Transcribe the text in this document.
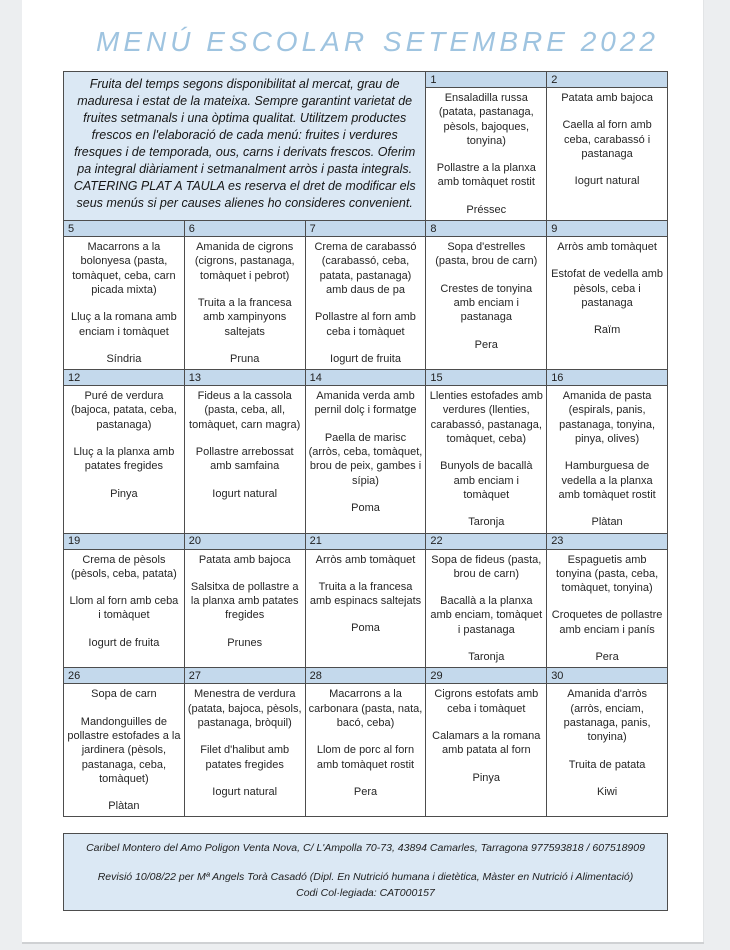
MENÚ ESCOLAR SETEMBRE 2022
Fruita del temps segons disponibilitat al mercat, grau de maduresa i estat de la mateixa. Sempre garantint varietat de fruites setmanals i una òptima qualitat. Utilitzem productes frescos en l'elaboració de cada menú: fruites i verdures fresques i de temporada, ous, carns i derivats frescos. Oferim pa integral diàriament i setmanalment arròs i pasta integrals. CATERING PLAT A TAULA es reserva el dret de modificar els seus menús si per causes alienes ho consideres convenient.			1	2

Ensaladilla russa (patata, pastanaga, pèsols, bajoques, tonyina)
Pollastre a la planxa amb tomàquet rostit
Préssec

Patata amb bajoca
Caella al forn amb ceba, carabassó i pastanaga
Iogurt natural

5	6	7	8	9

Macarrons a la bolonyesa (pasta, tomàquet, ceba, carn picada mixta)
Lluç a la romana amb enciam i tomàquet
Síndria

Amanida de cigrons (cigrons, pastanaga, tomàquet i pebrot)
Truita a la francesa amb xampinyons saltejats
Pruna

Crema de carabassó (carabassó, ceba, patata, pastanaga) amb daus de pa
Pollastre al forn amb ceba i tomàquet
Iogurt de fruita

Sopa d'estrelles (pasta, brou de carn)
Crestes de tonyina amb enciam i pastanaga
Pera

Arròs amb tomàquet
Estofat de vedella amb pèsols, ceba i pastanaga
Raïm

12	13	14	15	16

Puré de verdura (bajoca, patata, ceba, pastanaga)
Lluç a la planxa amb patates fregides
Pinya

Fideus a la cassola (pasta, ceba, all, tomàquet, carn magra)
Pollastre arrebossat amb samfaina
Iogurt natural

Amanida verda amb pernil dolç i formatge
Paella de marisc (arròs, ceba, tomàquet, brou de peix, gambes i sípia)
Poma

Llenties estofades amb verdures (llenties, carabassó, pastanaga, tomàquet, ceba)
Bunyols de bacallà amb enciam i tomàquet
Taronja

Amanida de pasta (espirals, panis, pastanaga, tonyina, pinya, olives)
Hamburguesa de vedella a la planxa amb tomàquet rostit
Plàtan

19	20	21	22	23

Crema de pèsols (pèsols, ceba, patata)
Llom al forn amb ceba i tomàquet
Iogurt de fruita

Patata amb bajoca
Salsitxa de pollastre a la planxa amb patates fregides
Prunes

Arròs amb tomàquet
Truita a la francesa amb espinacs saltejats
Poma

Sopa de fideus (pasta, brou de carn)
Bacallà a la planxa amb enciam, tomàquet i pastanaga
Taronja

Espaguetis amb tonyina (pasta, ceba, tomàquet, tonyina)
Croquetes de pollastre amb enciam i panís
Pera

26	27	28	29	30

Sopa de carn
Mandonguilles de pollastre estofades a la jardinera (pèsols, pastanaga, ceba, tomàquet)
Plàtan

Menestra de verdura (patata, bajoca, pèsols, pastanaga, bròquil)
Filet d'halibut amb patates fregides
Iogurt natural

Macarrons a la carbonara (pasta, nata, bacó, ceba)
Llom de porc al forn amb tomàquet rostit
Pera

Cigrons estofats amb ceba i tomàquet
Calamars a la romana amb patata al forn
Pinya

Amanida d'arròs (arròs, enciam, pastanaga, panis, tonyina)
Truita de patata
Kiwi
Caribel Montero del Amo Poligon Venta Nova, C/ L'Ampolla 70-73, 43894 Camarles, Tarragona 977593818 / 607518909
Revisió 10/08/22 per Mª Angels Torà Casadó (Dipl. En Nutrició humana i dietètica, Màster en Nutrició i Alimentació)
Codi Col·legiada: CAT000157
